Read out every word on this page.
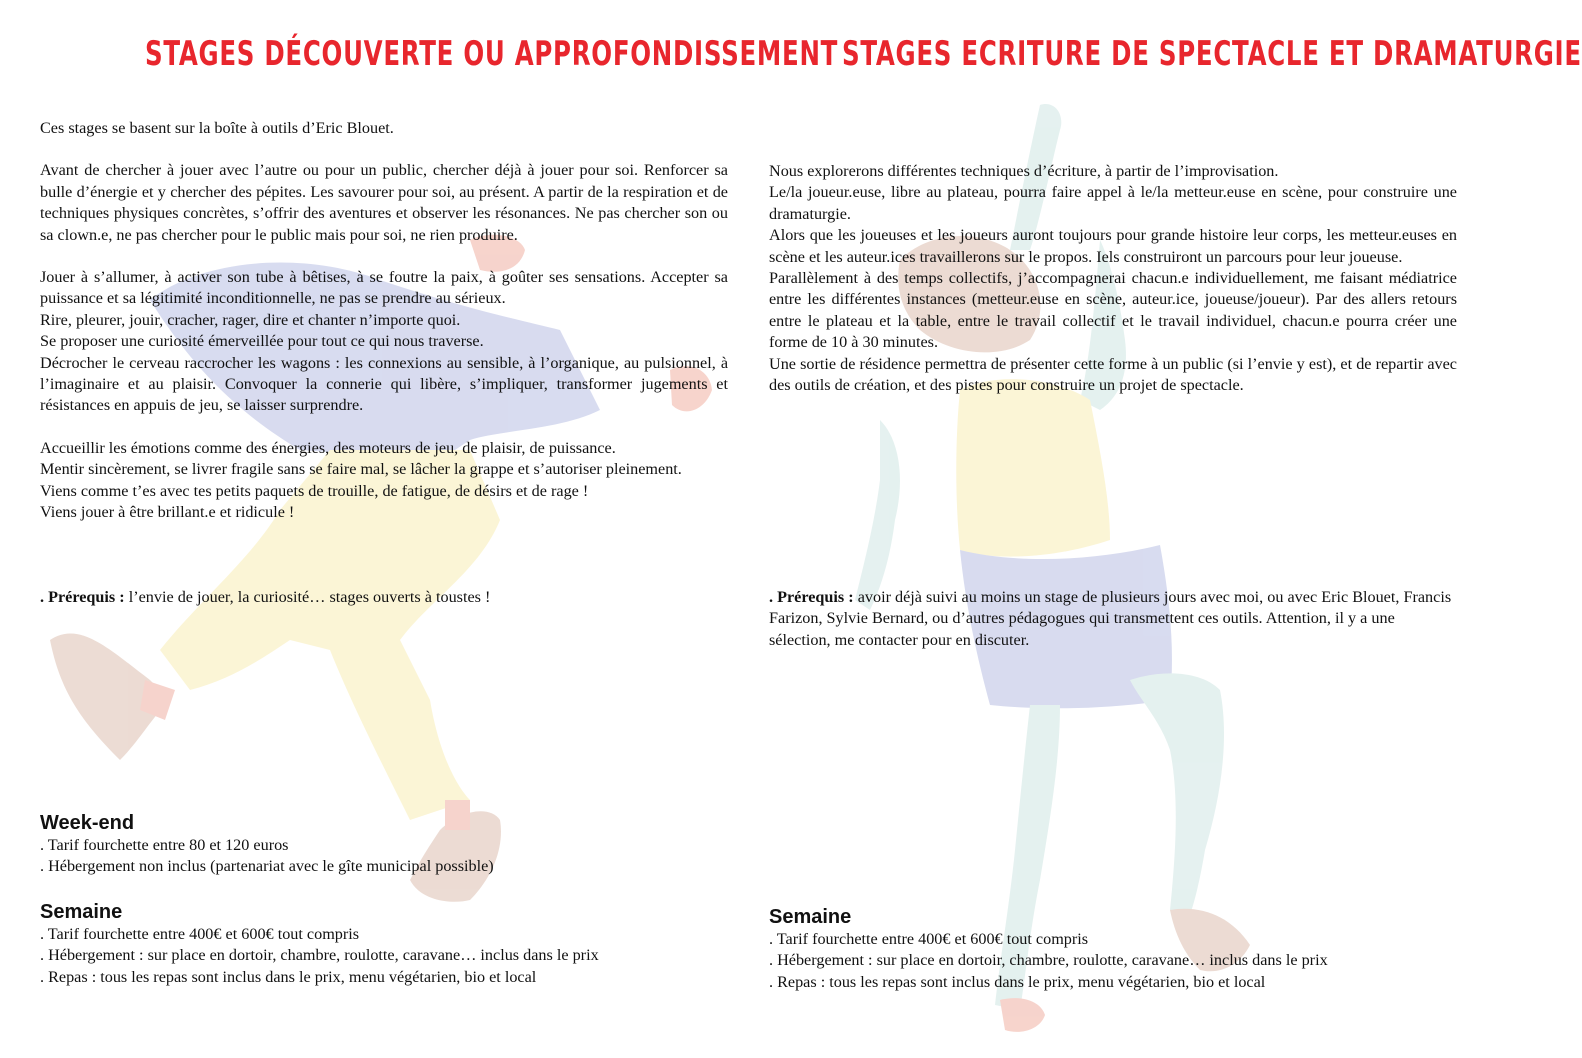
STAGES DÉCOUVERTE OU APPROFONDISSEMENT STAGES ECRITURE DE SPECTACLE ET DRAMATURGIE

Ces stages se basent sur la boîte à outils d’Eric Blouet.

Avant de chercher à jouer avec l’autre ou pour un public, chercher déjà à jouer pour soi. Renforcer sa bulle d’énergie et y chercher des pépites. Les savourer pour soi, au présent. A partir de la respiration et de techniques physiques concrètes, s’offrir des aventures et observer les résonances. Ne pas chercher son ou sa clown.e, ne pas chercher pour le public mais pour soi, ne rien produire.

Jouer à s’allumer, à activer son tube à bêtises, à se foutre la paix, à goûter ses sensations. Accepter sa puissance et sa légitimité inconditionnelle, ne pas se prendre au sérieux.

Rire, pleurer, jouir, cracher, rager, dire et chanter n’importe quoi.

Se proposer une curiosité émerveillée pour tout ce qui nous traverse.

Décrocher le cerveau raccrocher les wagons : les connexions au sensible, à l’organique, au pulsionnel, à l’imaginaire et au plaisir. Convoquer la connerie qui libère, s’impliquer, transformer jugements et résistances en appuis de jeu, se laisser surprendre.

Accueillir les émotions comme des énergies, des moteurs de jeu, de plaisir, de puissance.

Mentir sincèrement, se livrer fragile sans se faire mal, se lâcher la grappe et s’autoriser pleinement.

Viens comme t’es avec tes petits paquets de trouille, de fatigue, de désirs et de rage !

Viens jouer à être brillant.e et ridicule !

. Prérequis : l’envie de jouer, la curiosité… stages ouverts à toustes !

Week-end

. Tarif fourchette entre 80 et 120 euros

. Hébergement non inclus (partenariat avec le gîte municipal possible)

Semaine

. Tarif fourchette entre 400€ et 600€ tout compris

. Hébergement : sur place en dortoir, chambre, roulotte, caravane… inclus dans le prix

. Repas : tous les repas sont inclus dans le prix, menu végétarien, bio et local

Nous explorerons différentes techniques d’écriture, à partir de l’improvisation.

Le/la joueur.euse, libre au plateau, pourra faire appel à le/la metteur.euse en scène, pour construire une dramaturgie.

Alors que les joueuses et les joueurs auront toujours pour grande histoire leur corps, les metteur.euses en scène et les auteur.ices travaillerons sur le propos. Iels construiront un parcours pour leur joueuse.

Parallèlement à des temps collectifs, j’accompagnerai chacun.e individuellement, me faisant médiatrice entre les différentes instances (metteur.euse en scène, auteur.ice, joueuse/joueur). Par des allers retours entre le plateau et la table, entre le travail collectif et le travail individuel, chacun.e pourra créer une forme de 10 à 30 minutes.

Une sortie de résidence permettra de présenter cette forme à un public (si l’envie y est), et de repartir avec des outils de création, et des pistes pour construire un projet de spectacle.

. Prérequis : avoir déjà suivi au moins un stage de plusieurs jours avec moi, ou avec Eric Blouet, Francis Farizon, Sylvie Bernard, ou d’autres pédagogues qui transmettent ces outils. Attention, il y a une sélection, me contacter pour en discuter.

Semaine

. Tarif fourchette entre 400€ et 600€ tout compris

. Hébergement : sur place en dortoir, chambre, roulotte, caravane… inclus dans le prix

. Repas : tous les repas sont inclus dans le prix, menu végétarien, bio et local
